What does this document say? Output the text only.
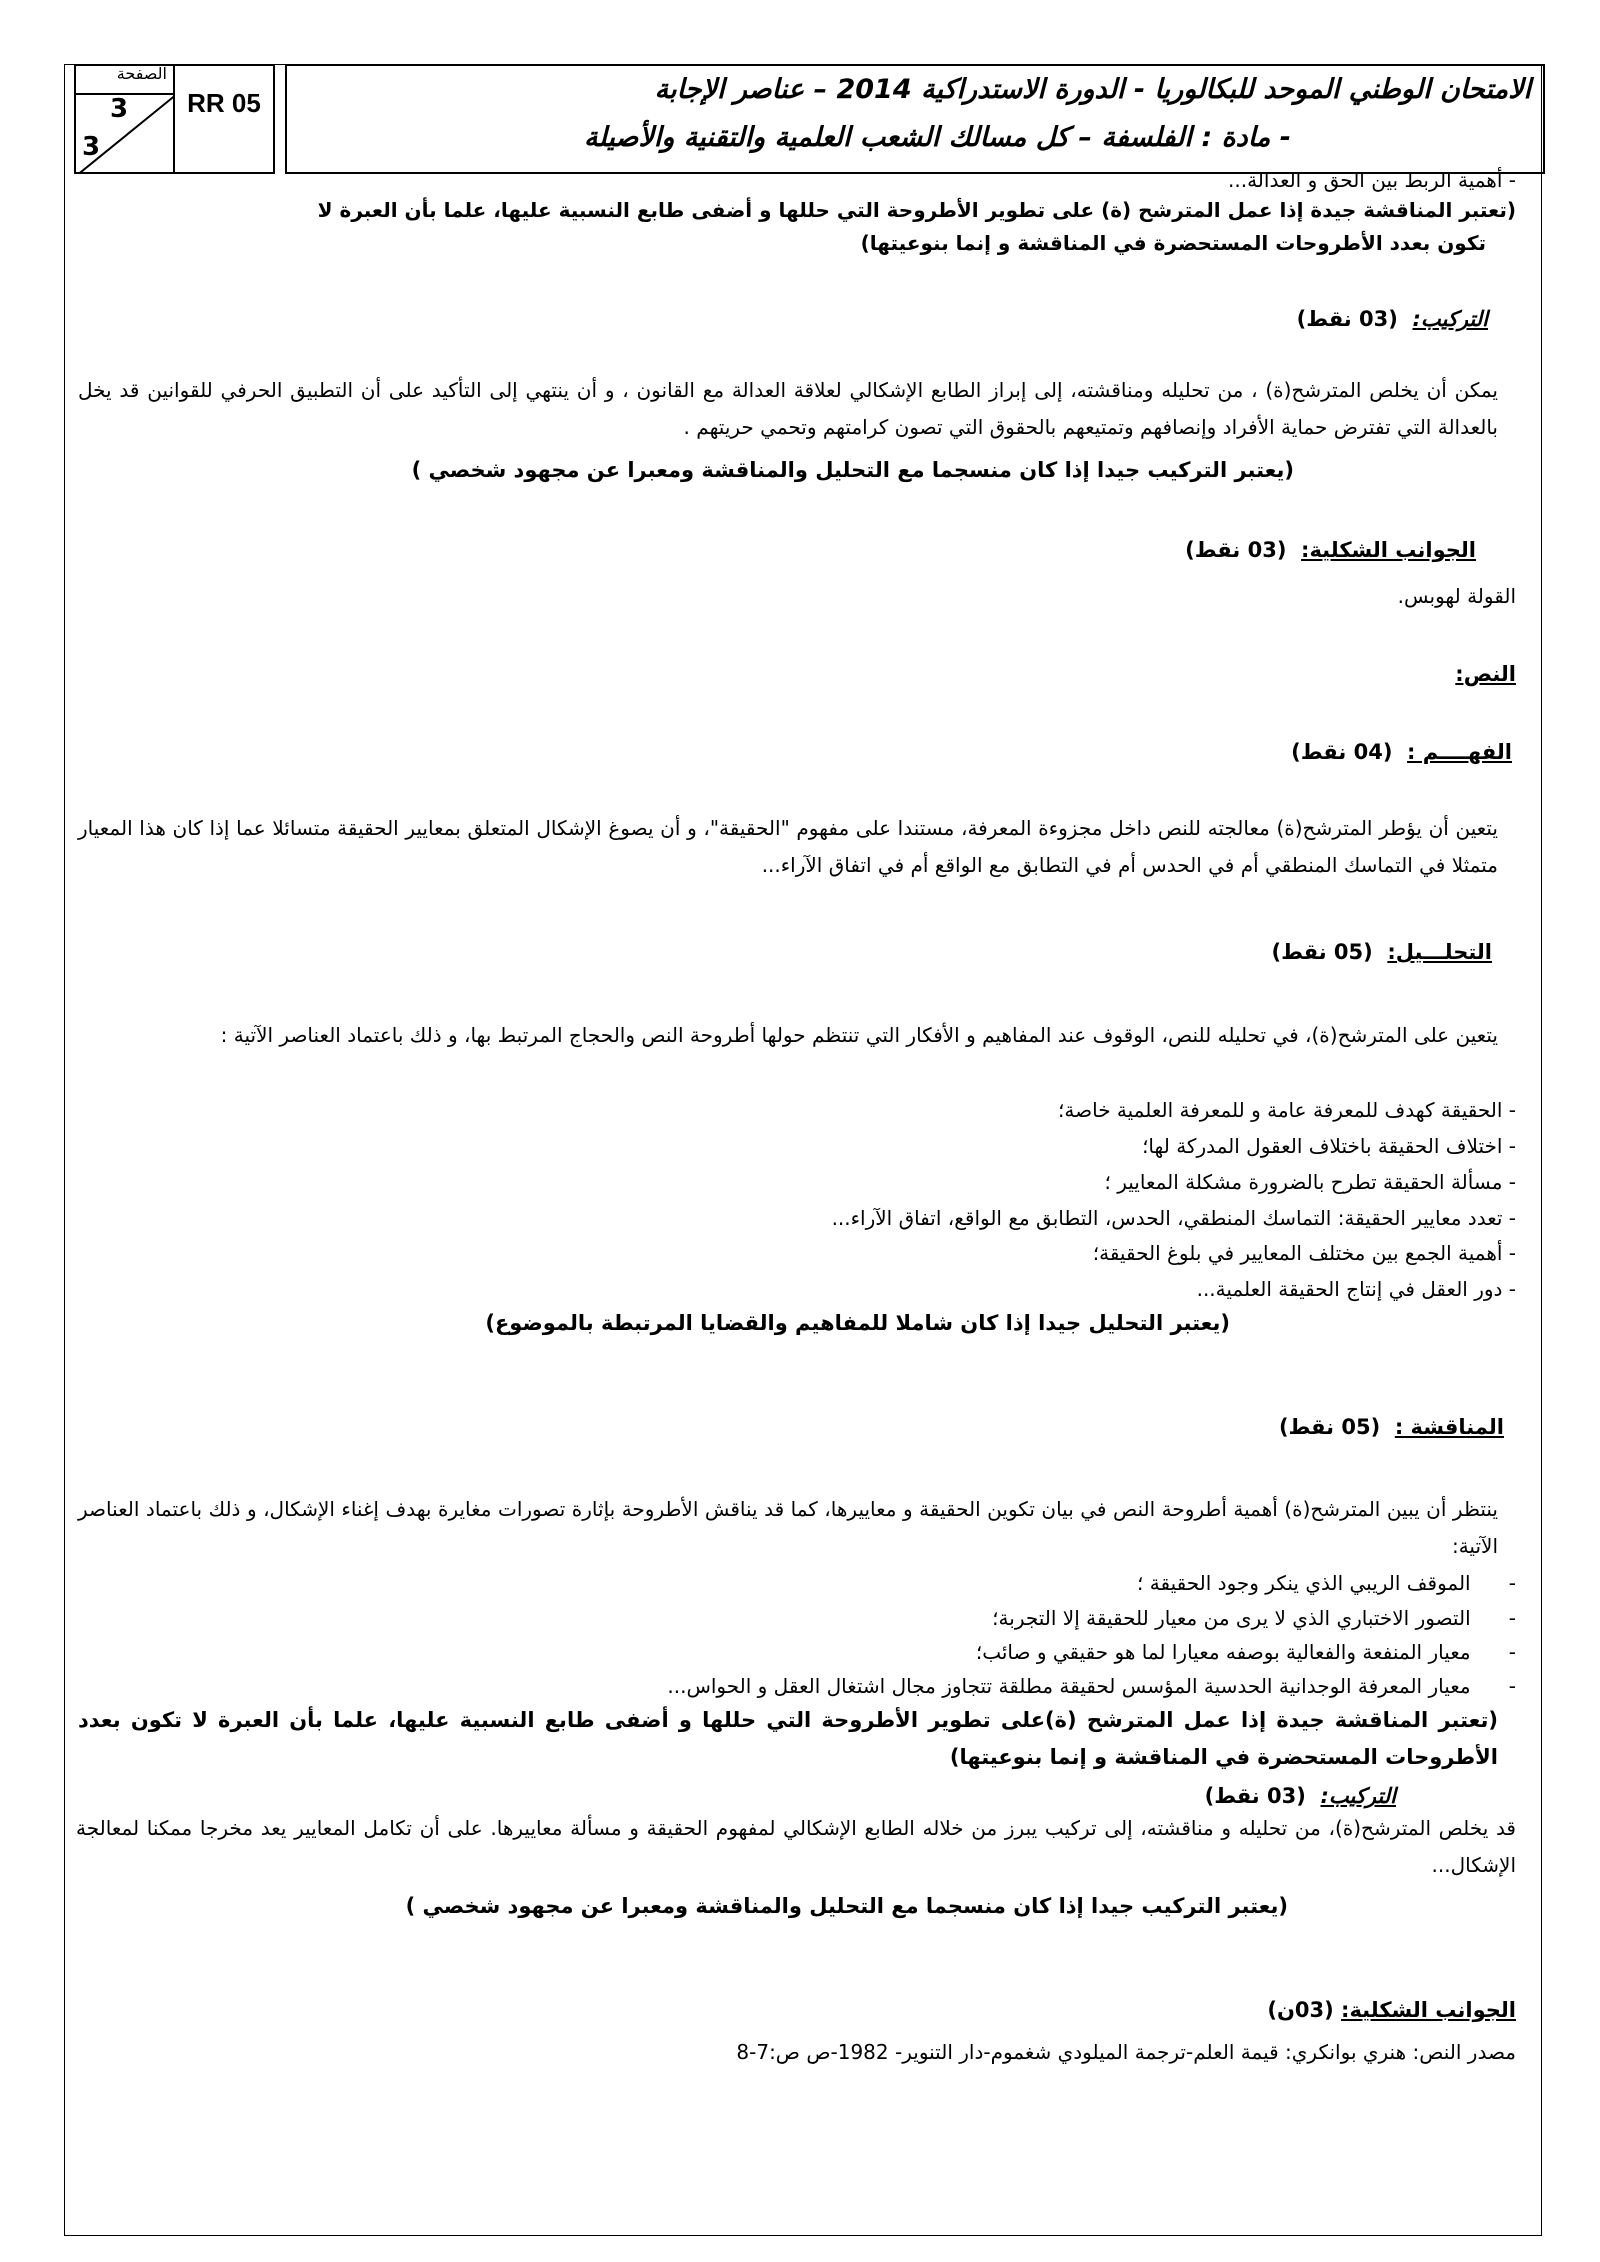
الصفحة
3
3
RR 05	الامتحان الوطني الموحد للبكالوريا - الدورة الاستدراكية 2014 – عناصر الإجابة
- مادة : الفلسفة – كل مسالك الشعب العلمية والتقنية والأصيلة
- أهمية الربط بين الحق و العدالة...
(تعتبر المناقشة جيدة إذا عمل المترشح (ة) على تطوير الأطروحة التي حللها و أضفى طابع النسبية عليها، علما بأن العبرة لا
تكون بعدد الأطروحات المستحضرة في المناقشة و إنما بنوعيتها)
التركيب:  (03 نقط)
يمكن أن يخلص المترشح(ة) ، من تحليله ومناقشته، إلى إبراز الطابع الإشكالي لعلاقة العدالة مع القانون ، و أن ينتهي إلى التأكيد على أن التطبيق الحرفي للقوانين قد يخل بالعدالة التي تفترض حماية الأفراد وإنصافهم وتمتيعهم بالحقوق التي تصون كرامتهم وتحمي حريتهم .
(يعتبر التركيب جيدا إذا كان منسجما مع التحليل والمناقشة ومعبرا عن مجهود شخصي )
الجوانب الشكلية:  (03 نقط)
القولة لهوبس.
النص:
الفهــــم :  (04 نقط)
يتعين أن يؤطر المترشح(ة) معالجته للنص داخل مجزوءة المعرفة، مستندا على مفهوم "الحقيقة"، و أن يصوغ الإشكال المتعلق بمعايير الحقيقة متسائلا عما إذا كان هذا المعيار متمثلا في التماسك المنطقي أم في الحدس أم في التطابق مع الواقع أم في اتفاق الآراء...
التحلـــيل:  (05 نقط)
يتعين على المترشح(ة)، في تحليله للنص، الوقوف عند المفاهيم و الأفكار التي تنتظم حولها أطروحة النص والحجاج المرتبط بها، و ذلك باعتماد العناصر الآتية :
- الحقيقة كهدف للمعرفة عامة و للمعرفة العلمية خاصة؛
- اختلاف الحقيقة باختلاف العقول المدركة لها؛
- مسألة الحقيقة تطرح بالضرورة مشكلة المعايير ؛
- تعدد معايير الحقيقة: التماسك المنطقي، الحدس، التطابق مع الواقع، اتفاق الآراء...
- أهمية الجمع بين مختلف المعايير في بلوغ الحقيقة؛
- دور العقل في إنتاج الحقيقة العلمية...
(يعتبر التحليل جيدا إذا كان شاملا للمفاهيم والقضايا المرتبطة بالموضوع)
المناقشة :  (05 نقط)
ينتظر أن يبين المترشح(ة) أهمية أطروحة النص في بيان تكوين الحقيقة و معاييرها، كما قد يناقش الأطروحة بإثارة تصورات مغايرة بهدف إغناء الإشكال، و ذلك باعتماد العناصر الآتية:
-      الموقف الريبي الذي ينكر وجود الحقيقة ؛
-      التصور الاختباري الذي لا يرى من معيار للحقيقة إلا التجربة؛
-      معيار المنفعة والفعالية بوصفه معيارا لما هو حقيقي و صائب؛
-      معيار المعرفة الوجدانية الحدسية المؤسس لحقيقة مطلقة تتجاوز مجال اشتغال العقل و الحواس...
(تعتبر المناقشة جيدة إذا عمل المترشح (ة)على تطوير الأطروحة التي حللها و أضفى طابع النسبية عليها، علما بأن العبرة لا تكون بعدد الأطروحات المستحضرة في المناقشة و إنما بنوعيتها)
التركيب:  (03 نقط)
قد يخلص المترشح(ة)، من تحليله و مناقشته، إلى تركيب يبرز من خلاله الطابع الإشكالي لمفهوم الحقيقة و مسألة معاييرها. على أن تكامل المعايير يعد مخرجا ممكنا لمعالجة الإشكال...
(يعتبر التركيب جيدا إذا كان منسجما مع التحليل والمناقشة ومعبرا عن مجهود شخصي )
الجوانب الشكلية: (03ن)
مصدر النص: هنري بوانكري: قيمة العلم-ترجمة الميلودي شغموم-دار التنوير- 1982-ص ص:7-8
